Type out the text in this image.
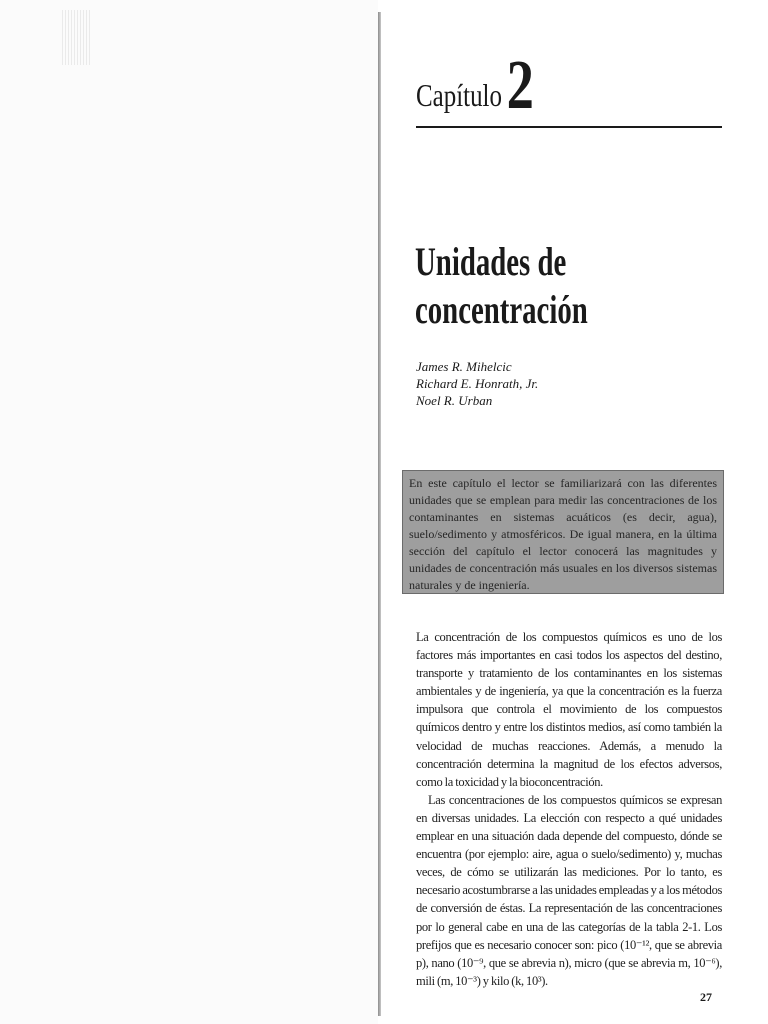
Capítulo2
Unidades de
concentración
James R. Mihelcic
Richard E. Honrath, Jr.
Noel R. Urban
En este capítulo el lector se familiarizará con las diferentes unidades que se emplean para medir las concentraciones de los contaminantes en sistemas acuáticos (es decir, agua), suelo/sedimento y atmosféricos. De igual manera, en la última sección del capítulo el lector conocerá las magnitudes y unidades de concentración más usuales en los diversos sistemas naturales y de ingeniería.

La concentración de los compuestos químicos es uno de los factores más importantes en casi todos los aspectos del destino, transporte y tratamiento de los contaminantes en los sistemas ambientales y de ingeniería, ya que la concentración es la fuerza impulsora que controla el movimiento de los compuestos químicos dentro y entre los distintos medios, así como también la velocidad de muchas reacciones. Además, a menudo la concentración determina la magnitud de los efectos adversos, como la toxicidad y la bioconcentración.

Las concentraciones de los compuestos químicos se expresan en diversas unidades. La elección con respecto a qué unidades emplear en una situación dada depende del compuesto, dónde se encuentra (por ejemplo: aire, agua o suelo/sedimento) y, muchas veces, de cómo se utilizarán las mediciones. Por lo tanto, es necesario acostumbrarse a las unidades empleadas y a los métodos de conversión de éstas. La representación de las concentraciones por lo general cabe en una de las categorías de la tabla 2-1. Los prefijos que es necesario conocer son: pico (10⁻¹², que se abrevia p), nano (10⁻⁹, que se abrevia n), micro (que se abrevia m, 10⁻⁶), mili (m, 10⁻³) y kilo (k, 10³).

27
